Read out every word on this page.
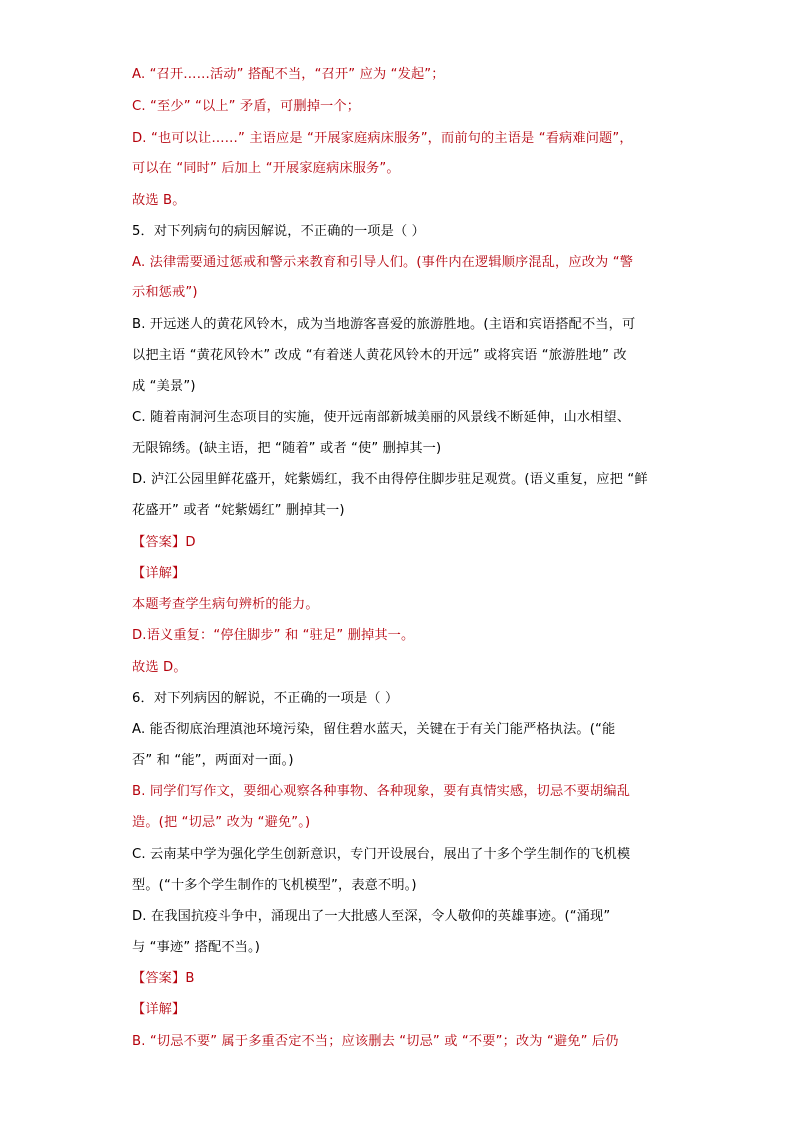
A. “召开……活动” 搭配不当，“召开” 应为 “发起”；

C. “至少” “以上” 矛盾，可删掉一个；

D. “也可以让……” 主语应是 “开展家庭病床服务”，而前句的主语是 “看病难问题”，

可以在 “同时” 后加上 “开展家庭病床服务”。

故选 B。

5．对下列病句的病因解说，不正确的一项是（ ）

A. 法律需要通过惩戒和警示来教育和引导人们。(事件内在逻辑顺序混乱，应改为 “警

示和惩戒”)

B. 开远迷人的黄花风铃木，成为当地游客喜爱的旅游胜地。(主语和宾语搭配不当，可

以把主语 “黄花风铃木” 改成 “有着迷人黄花风铃木的开远” 或将宾语 “旅游胜地” 改

成 “美景”)

C. 随着南洞河生态项目的实施，使开远南部新城美丽的风景线不断延伸，山水相望、

无限锦绣。(缺主语，把 “随着” 或者 “使” 删掉其一)

D. 泸江公园里鲜花盛开，姹紫嫣红，我不由得停住脚步驻足观赏。(语义重复，应把 “鲜

花盛开” 或者 “姹紫嫣红” 删掉其一)

【答案】D

【详解】

本题考查学生病句辨析的能力。

D.语义重复：“停住脚步” 和 “驻足” 删掉其一。

故选 D。

6．对下列病因的解说，不正确的一项是（ ）

A. 能否彻底治理滇池环境污染，留住碧水蓝天，关键在于有关门能严格执法。(“能

否” 和 “能”，两面对一面。)

B. 同学们写作文，要细心观察各种事物、各种现象，要有真情实感，切忌不要胡编乱

造。(把 “切忌” 改为 “避免”。)

C. 云南某中学为强化学生创新意识，专门开设展台，展出了十多个学生制作的飞机模

型。(“十多个学生制作的飞机模型”，表意不明。)

D. 在我国抗疫斗争中，涌现出了一大批感人至深，令人敬仰的英雄事迹。(“涌现”

与 “事迹” 搭配不当。)

【答案】B

【详解】

B. “切忌不要” 属于多重否定不当；应该删去 “切忌” 或 “不要”；改为 “避免” 后仍
